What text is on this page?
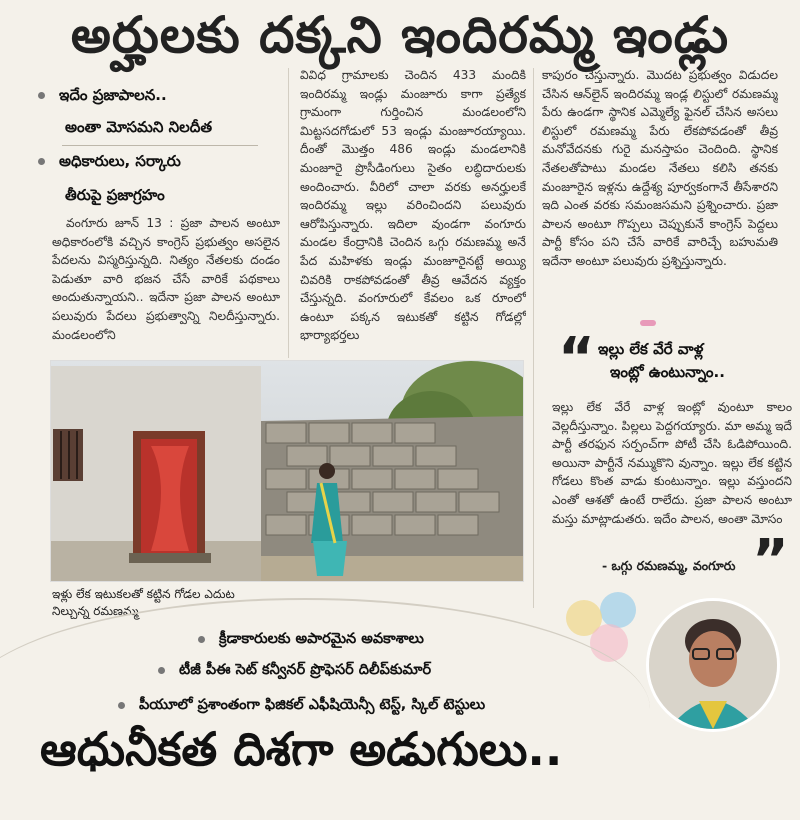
అర్హులకు దక్కని ఇందిరమ్మ ఇండ్లు
ఇదేం ప్రజాపాలన..
అంతా మోసమని నిలదీత
అధికారులు, సర్కారు
తీరుపై ప్రజాగ్రహం
వంగూరు జూన్ 13 : ప్రజా పాలన అంటూ అధికారంలోకి వచ్చిన కాంగ్రెస్ ప్రభుత్వం అసలైన పేదలను విస్మరిస్తున్నది. నిత్యం నేతలకు దండం పెడుతూ వారి భజన చేసే వారికే పథకాలు అందుతున్నాయని.. ఇదేనా ప్రజా పాలన అంటూ పలువురు పేదలు ప్రభుత్వాన్ని నిలదీస్తున్నారు. మండలంలోని
వివిధ గ్రామాలకు చెందిన 433 మందికి ఇందిరమ్మ ఇండ్లు మంజూరు కాగా ప్రత్యేక గ్రామంగా గుర్తించిన మండలంలోని మిట్టసదగోడులో 53 ఇండ్లు మంజూరయ్యాయి. దీంతో మొత్తం 486 ఇండ్లు మండలానికి మంజూరై ప్రొసీడింగులు సైతం లబ్ధిదారులకు అందించారు. వీరిలో చాలా వరకు అనర్హులకే ఇందిరమ్మ ఇల్లు వరించిందని పలువురు ఆరోపిస్తున్నారు. ఇదిలా వుండగా వంగూరు మండల కేంద్రానికి చెందిన ఒగ్గు రమణమ్మ అనే పేద మహిళకు ఇండ్లు మంజూరైనట్టే అయ్యి చివరికి రాకపోవడంతో తీవ్ర ఆవేదన వ్యక్తం చేస్తున్నది. వంగూరులో కేవలం ఒక రూంలో ఉంటూ పక్కన ఇటుకతో కట్టిన గోడల్లో భార్యాభర్తలు
కాపురం చేస్తున్నారు. మొదట ప్రభుత్వం విడుదల చేసిన ఆన్‌లైన్ ఇందిరమ్మ ఇండ్ల లిస్టులో రమణమ్మ పేరు ఉండగా స్థానిక ఎమ్మెల్యే ఫైనల్ చేసిన అసలు లిస్టులో రమణమ్మ పేరు లేకపోవడంతో తీవ్ర మనోవేదనకు గురై మనస్తాపం చెందింది. స్థానిక నేతలతోపాటు మండల నేతలు కలిసి తనకు మంజూరైన ఇళ్లను ఉద్దేశ్య పూర్వకంగానే తీసేశారని ఇది ఎంత వరకు సమంజసమని ప్రశ్నించారు. ప్రజా పాలన అంటూ గొప్పలు చెప్పుకునే కాంగ్రెస్ పెద్దలు పార్టీ కోసం పని చేసే వారికే వారిచ్చే బహుమతి ఇదేనా అంటూ పలువురు ప్రశ్నిస్తున్నారు.
ఇళ్లు లేక ఇటుకలతో కట్టిన గోడల ఎదుట నిల్చున్న రమణమ్మ
“ ఇల్లు లేక వేరే వాళ్ల
ఇంట్లో ఉంటున్నాం..
ఇల్లు లేక వేరే వాళ్ల ఇంట్లో వుంటూ కాలం వెల్లదీస్తున్నాం. పిల్లలు పెద్దగయ్యారు. మా అమ్మ ఇదే పార్టీ తరఫున సర్పంచ్‌గా పోటీ చేసి ఓడిపోయింది. అయినా పార్టీనే నమ్ముకొని వున్నాం. ఇల్లు లేక కట్టిన గోడలు కొంత వాడు కుంటున్నాం. ఇల్లు వస్తుందని ఎంతో ఆశతో ఉంటే రాలేదు. ప్రజా పాలన అంటూ మస్తు మాట్లాడుతరు. ఇదేం పాలన, అంతా మోసం
”
- ఒగ్గు రమణమ్మ, వంగూరు
క్రీడాకారులకు అపారమైన అవకాశాలు
టీజీ పీఈ సెట్ కన్వీనర్ ప్రొఫెసర్ దిలీప్‌కుమార్
పీయూలో ప్రశాంతంగా ఫిజికల్ ఎఫీషియెన్సీ టెస్ట్, స్కిల్ టెస్టులు
ఆధునీకత దిశగా అడుగులు..
